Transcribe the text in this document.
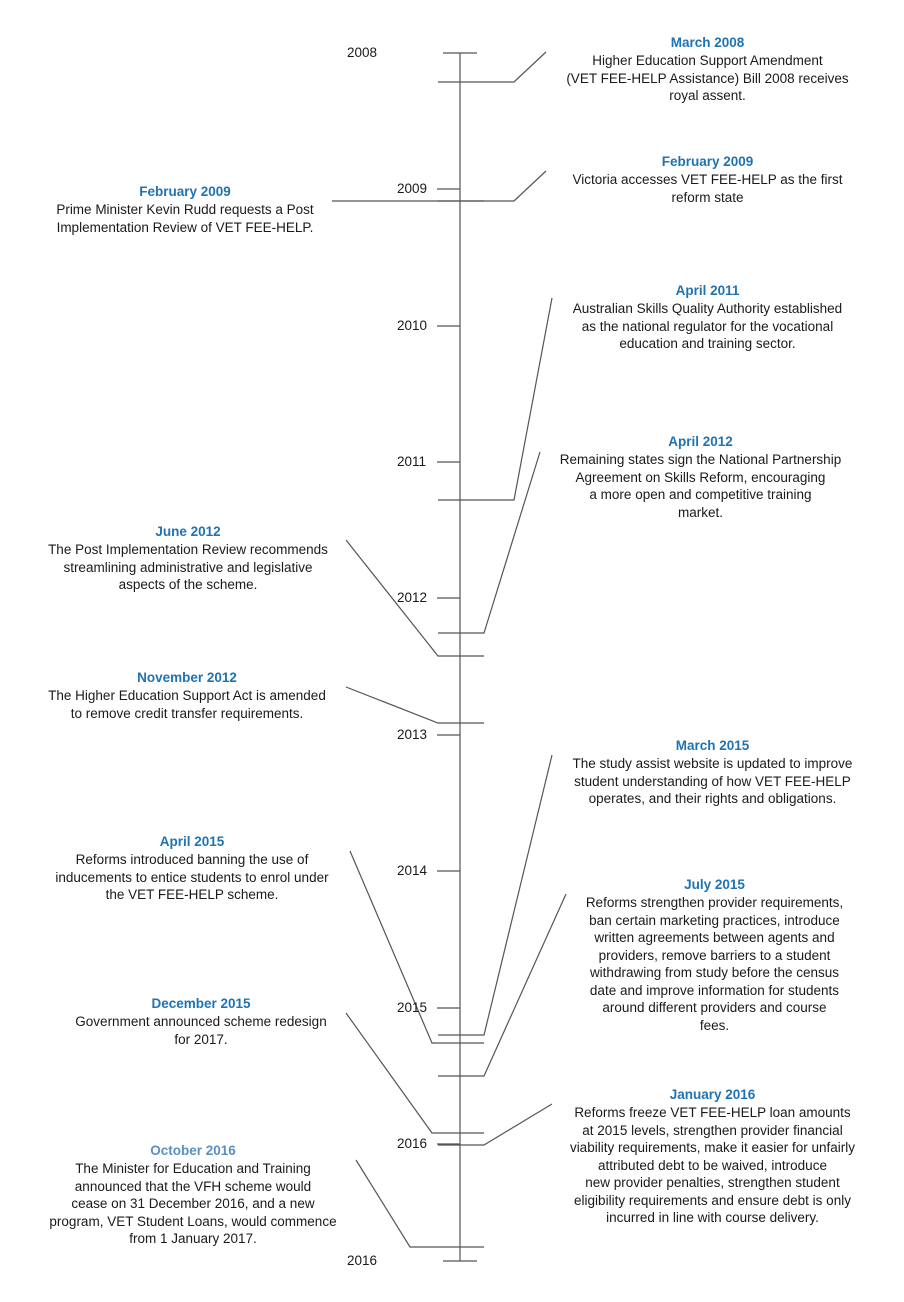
2008
2009
2010
2011
2012
2013
2014
2015
2016
2016
March 2008
Higher Education Support Amendment
(VET FEE-HELP Assistance) Bill 2008 receives
royal assent.
February 2009
Victoria accesses VET FEE-HELP as the first
reform state
April 2011
Australian Skills Quality Authority established
as the national regulator for the vocational
education and training sector.
April 2012
Remaining states sign the National Partnership
Agreement on Skills Reform, encouraging
a more open and competitive training
market.
March 2015
The study assist website is updated to improve
student understanding of how VET FEE-HELP
operates, and their rights and obligations.
July 2015
Reforms strengthen provider requirements,
ban certain marketing practices, introduce
written agreements between agents and
providers, remove barriers to a student
withdrawing from study before the census
date and improve information for students
around different providers and course
fees.
January 2016
Reforms freeze VET FEE-HELP loan amounts
at 2015 levels, strengthen provider financial
viability requirements, make it easier for unfairly
attributed debt to be waived, introduce
new provider penalties, strengthen student
eligibility requirements and ensure debt is only
incurred in line with course delivery.
February 2009
Prime Minister Kevin Rudd requests a Post
Implementation Review of VET FEE-HELP.
June 2012
The Post Implementation Review recommends
streamlining administrative and legislative
aspects of the scheme.
November 2012
The Higher Education Support Act is amended
to remove credit transfer requirements.
April 2015
Reforms introduced banning the use of
inducements to entice students to enrol under
the VET FEE-HELP scheme.
December 2015
Government announced scheme redesign
for 2017.
October 2016
The Minister for Education and Training
announced that the VFH scheme would
cease on 31 December 2016, and a new
program, VET Student Loans, would commence
from 1 January 2017.
